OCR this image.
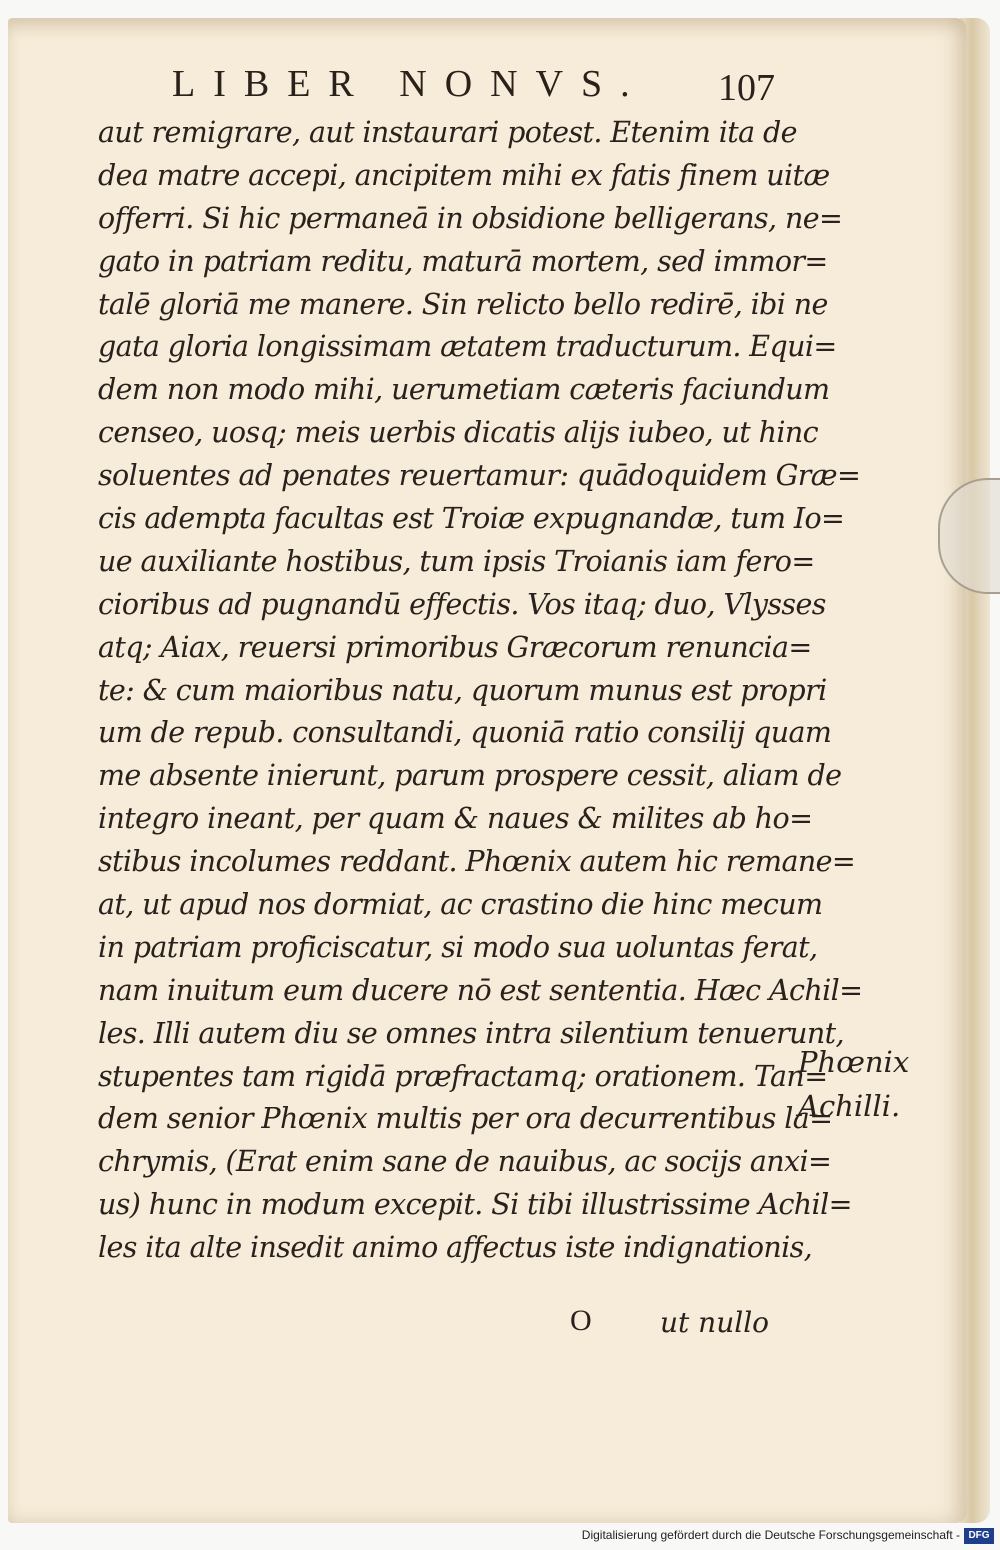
LIBER NONVS. 107
aut remigrare, aut instaurari potest. Etenim ita de
dea matre accepi, ancipitem mihi ex fatis finem uitæ
offerri. Si hic permaneā in obsidione belligerans, ne=
gato in patriam reditu, maturā mortem, sed immor=
talē gloriā me manere. Sin relicto bello redirē, ibi ne
gata gloria longissimam ætatem traducturum. Equi=
dem non modo mihi, uerumetiam cæteris faciundum
censeo, uosq; meis uerbis dicatis alijs iubeo, ut hinc
soluentes ad penates reuertamur: quādoquidem Græ=
cis adempta facultas est Troiæ expugnandæ, tum Io=
ue auxiliante hostibus, tum ipsis Troianis iam fero=
cioribus ad pugnandū effectis. Vos itaq; duo, Vlysses
atq; Aiax, reuersi primoribus Græcorum renuncia=
te: & cum maioribus natu, quorum munus est propri
um de repub. consultandi, quoniā ratio consilij quam
me absente inierunt, parum prospere cessit, aliam de
integro ineant, per quam & naues & milites ab ho=
stibus incolumes reddant. Phœnix autem hic remane=
at, ut apud nos dormiat, ac crastino die hinc mecum
in patriam proficiscatur, si modo sua uoluntas ferat,
nam inuitum eum ducere nō est sententia. Hæc Achil=
les. Illi autem diu se omnes intra silentium tenuerunt,
stupentes tam rigidā præfractamq; orationem. Tan=
dem senior Phœnix multis per ora decurrentibus la=
chrymis, (Erat enim sane de nauibus, ac socijs anxi=
us) hunc in modum excepit. Si tibi illustrissime Achil=
les ita alte insedit animo affectus iste indignationis,
Phœnix
Achilli.
O ut nullo
Digitalisierung gefördert durch die Deutsche Forschungsgemeinschaft - DFG
